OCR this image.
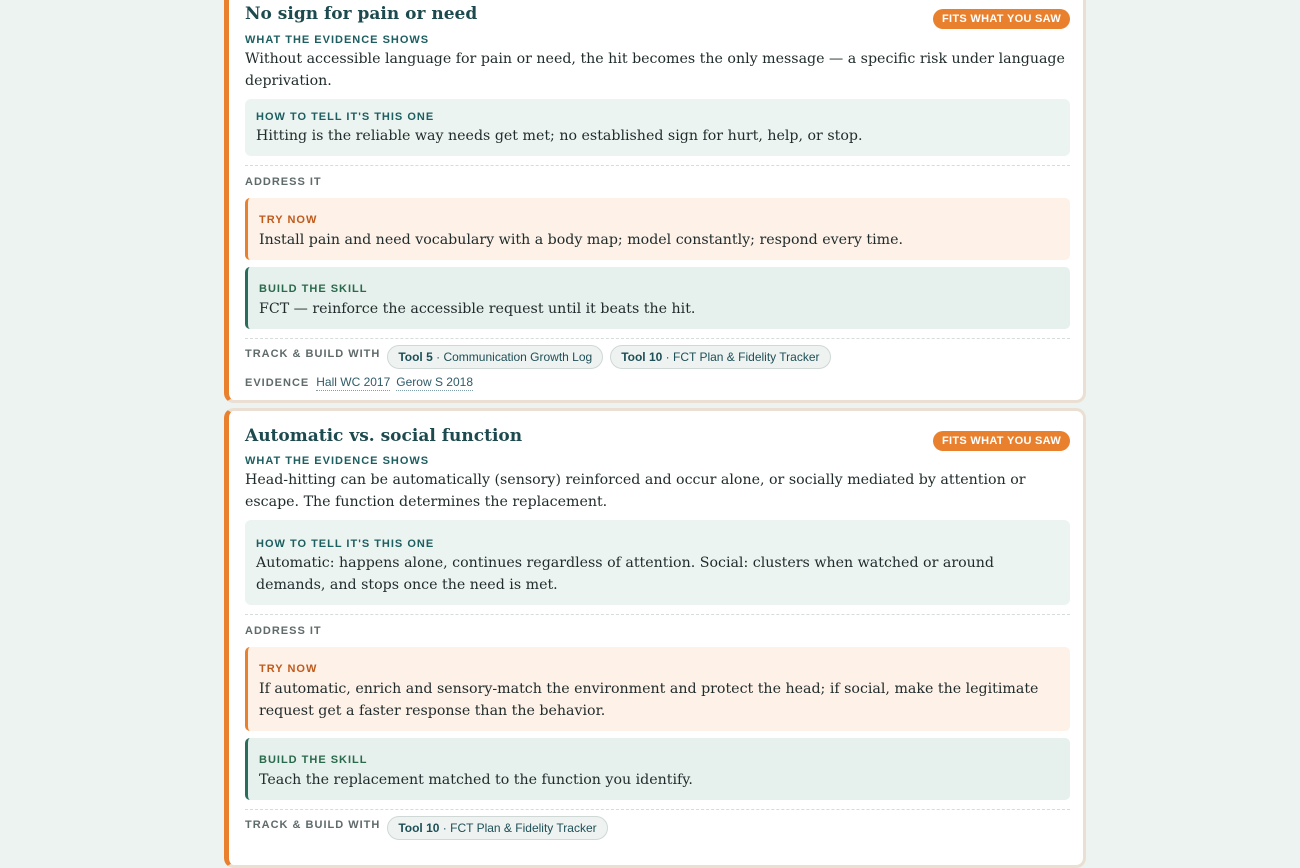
No sign for pain or need	FITS WHAT YOU SAW
WHAT THE EVIDENCE SHOWS
Without accessible language for pain or need, the hit becomes the only message — a specific risk under language deprivation.
HOW TO TELL IT'S THIS ONE
Hitting is the reliable way needs get met; no established sign for hurt, help, or stop.
ADDRESS IT
TRY NOW
Install pain and need vocabulary with a body map; model constantly; respond every time.
BUILD THE SKILL
FCT — reinforce the accessible request until it beats the hit.
TRACK & BUILD WITH	Tool 5 · Communication Growth Log	Tool 10 · FCT Plan & Fidelity Tracker
EVIDENCE Hall WC 2017 Gerow S 2018
Automatic vs. social function	FITS WHAT YOU SAW
WHAT THE EVIDENCE SHOWS
Head-hitting can be automatically (sensory) reinforced and occur alone, or socially mediated by attention or escape. The function determines the replacement.
HOW TO TELL IT'S THIS ONE
Automatic: happens alone, continues regardless of attention. Social: clusters when watched or around demands, and stops once the need is met.
ADDRESS IT
TRY NOW
If automatic, enrich and sensory-match the environment and protect the head; if social, make the legitimate request get a faster response than the behavior.
BUILD THE SKILL
Teach the replacement matched to the function you identify.
TRACK & BUILD WITH	Tool 10 · FCT Plan & Fidelity Tracker
